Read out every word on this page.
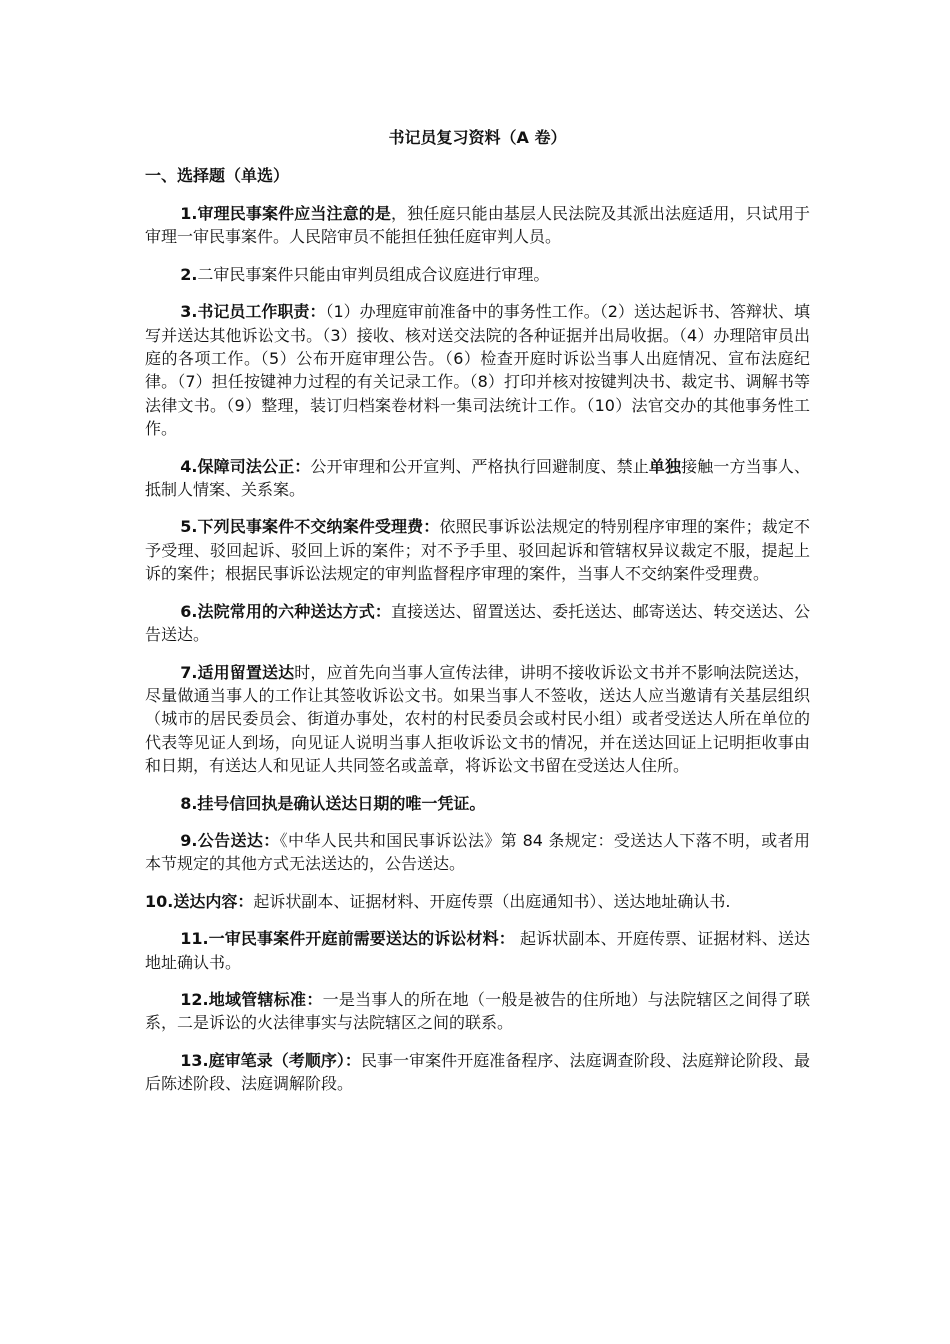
书记员复习资料（A 卷）
一、选择题（单选）
1.审理民事案件应当注意的是，独任庭只能由基层人民法院及其派出法庭适用，只试用于审理一审民事案件。人民陪审员不能担任独任庭审判人员。
2.二审民事案件只能由审判员组成合议庭进行审理。
3.书记员工作职责：（1）办理庭审前准备中的事务性工作。（2）送达起诉书、答辩状、填写并送达其他诉讼文书。（3）接收、核对送交法院的各种证据并出局收据。（4）办理陪审员出庭的各项工作。（5）公布开庭审理公告。（6）检查开庭时诉讼当事人出庭情况、宣布法庭纪律。（7）担任按键神力过程的有关记录工作。（8）打印并核对按键判决书、裁定书、调解书等法律文书。（9）整理，装订归档案卷材料一集司法统计工作。（10）法官交办的其他事务性工作。
4.保障司法公正：公开审理和公开宣判、严格执行回避制度、禁止单独接触一方当事人、抵制人情案、关系案。
5.下列民事案件不交纳案件受理费：依照民事诉讼法规定的特别程序审理的案件；裁定不予受理、驳回起诉、驳回上诉的案件；对不予手里、驳回起诉和管辖权异议裁定不服，提起上诉的案件；根据民事诉讼法规定的审判监督程序审理的案件，当事人不交纳案件受理费。
6.法院常用的六种送达方式：直接送达、留置送达、委托送达、邮寄送达、转交送达、公告送达。
7.适用留置送达时，应首先向当事人宣传法律，讲明不接收诉讼文书并不影响法院送达，尽量做通当事人的工作让其签收诉讼文书。如果当事人不签收，送达人应当邀请有关基层组织（城市的居民委员会、街道办事处，农村的村民委员会或村民小组）或者受送达人所在单位的代表等见证人到场，向见证人说明当事人拒收诉讼文书的情况，并在送达回证上记明拒收事由和日期，有送达人和见证人共同签名或盖章，将诉讼文书留在受送达人住所。
8.挂号信回执是确认送达日期的唯一凭证。
9.公告送达：《中华人民共和国民事诉讼法》第 84 条规定：受送达人下落不明，或者用本节规定的其他方式无法送达的，公告送达。
10.送达内容：起诉状副本、证据材料、开庭传票（出庭通知书）、送达地址确认书.
11.一审民事案件开庭前需要送达的诉讼材料： 起诉状副本、开庭传票、证据材料、送达地址确认书。
12.地域管辖标准：一是当事人的所在地（一般是被告的住所地）与法院辖区之间得了联系，二是诉讼的火法律事实与法院辖区之间的联系。
13.庭审笔录（考顺序）：民事一审案件开庭准备程序、法庭调查阶段、法庭辩论阶段、最后陈述阶段、法庭调解阶段。
